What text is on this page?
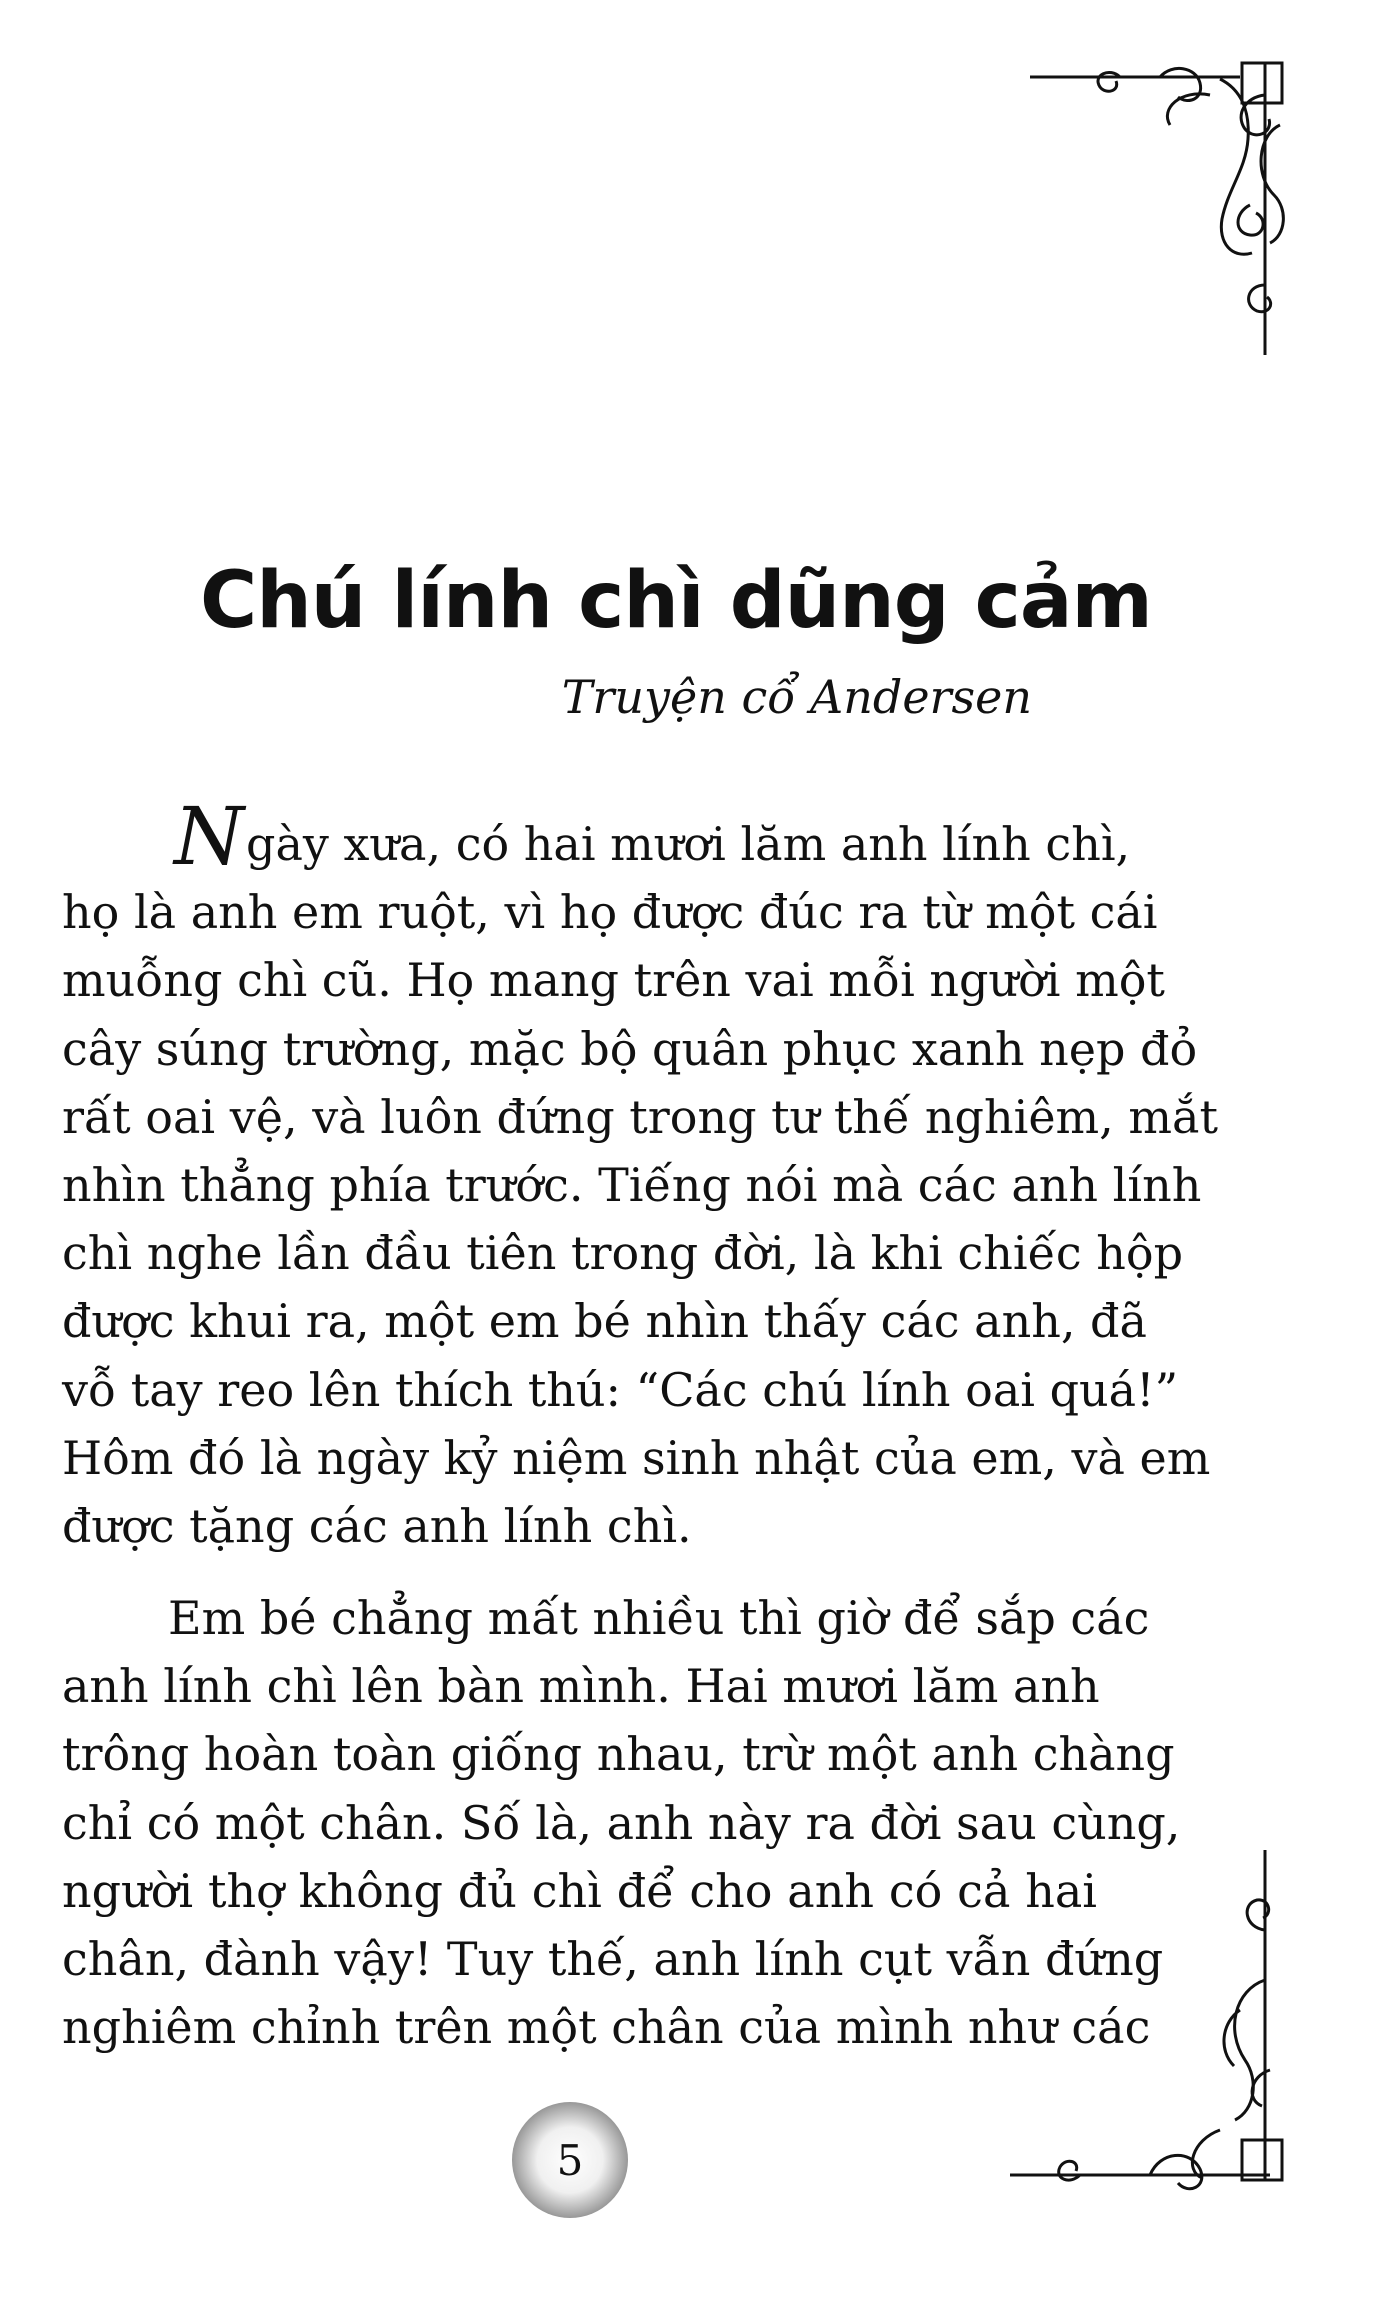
Chú lính chì dũng cảm
Truyện cổ Andersen
Ngày xưa, có hai mươi lăm anh lính chì,
họ là anh em ruột, vì họ được đúc ra từ một cái
muỗng chì cũ. Họ mang trên vai mỗi người một
cây súng trường, mặc bộ quân phục xanh nẹp đỏ
rất oai vệ, và luôn đứng trong tư thế nghiêm, mắt
nhìn thẳng phía trước. Tiếng nói mà các anh lính
chì nghe lần đầu tiên trong đời, là khi chiếc hộp
được khui ra, một em bé nhìn thấy các anh, đã
vỗ tay reo lên thích thú: “Các chú lính oai quá!”
Hôm đó là ngày kỷ niệm sinh nhật của em, và em
được tặng các anh lính chì.
Em bé chẳng mất nhiều thì giờ để sắp các
anh lính chì lên bàn mình. Hai mươi lăm anh
trông hoàn toàn giống nhau, trừ một anh chàng
chỉ có một chân. Số là, anh này ra đời sau cùng,
người thợ không đủ chì để cho anh có cả hai
chân, đành vậy! Tuy thế, anh lính cụt vẫn đứng
nghiêm chỉnh trên một chân của mình như các
5
